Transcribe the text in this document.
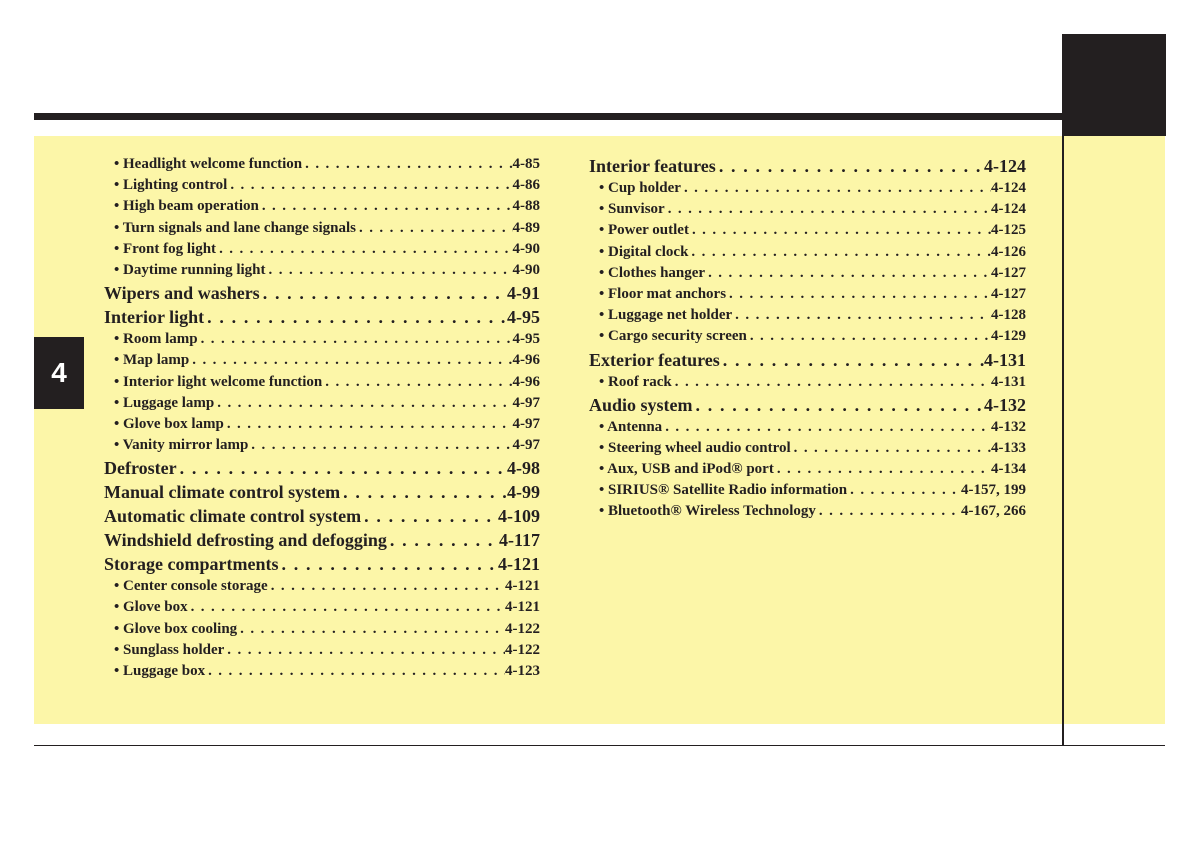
4
• Headlight welcome function . . .	4-85
• Lighting control . . .	4-86
• High beam operation . . .	4-88
• Turn signals and lane change signals . . .	4-89
• Front fog light . . .	4-90
• Daytime running light . . .	4-90
Wipers and washers . . .	4-91
Interior light . . .	4-95
• Room lamp . . .	4-95
• Map lamp . . .	4-96
• Interior light welcome function . . .	4-96
• Luggage lamp . . .	4-97
• Glove box lamp . . .	4-97
• Vanity mirror lamp . . .	4-97
Defroster . . .	4-98
Manual climate control system . . .	4-99
Automatic climate control system . . .	4-109
Windshield defrosting and defogging . . .	4-117
Storage compartments . . .	4-121
• Center console storage . . .	4-121
• Glove box . . .	4-121
• Glove box cooling . . .	4-122
• Sunglass holder . . .	4-122
• Luggage box . . .	4-123
Interior features . . .	4-124
• Cup holder . . .	4-124
• Sunvisor . . .	4-124
• Power outlet . . .	4-125
• Digital clock . . .	4-126
• Clothes hanger . . .	4-127
• Floor mat anchors . . .	4-127
• Luggage net holder . . .	4-128
• Cargo security screen . . .	4-129
Exterior features . . .	4-131
• Roof rack . . .	4-131
Audio system . . .	4-132
• Antenna . . .	4-132
• Steering wheel audio control . . .	4-133
• Aux, USB and iPod® port . . .	4-134
• SIRIUS® Satellite Radio information . . .	4-157, 199
• Bluetooth® Wireless Technology . . .	4-167, 266
